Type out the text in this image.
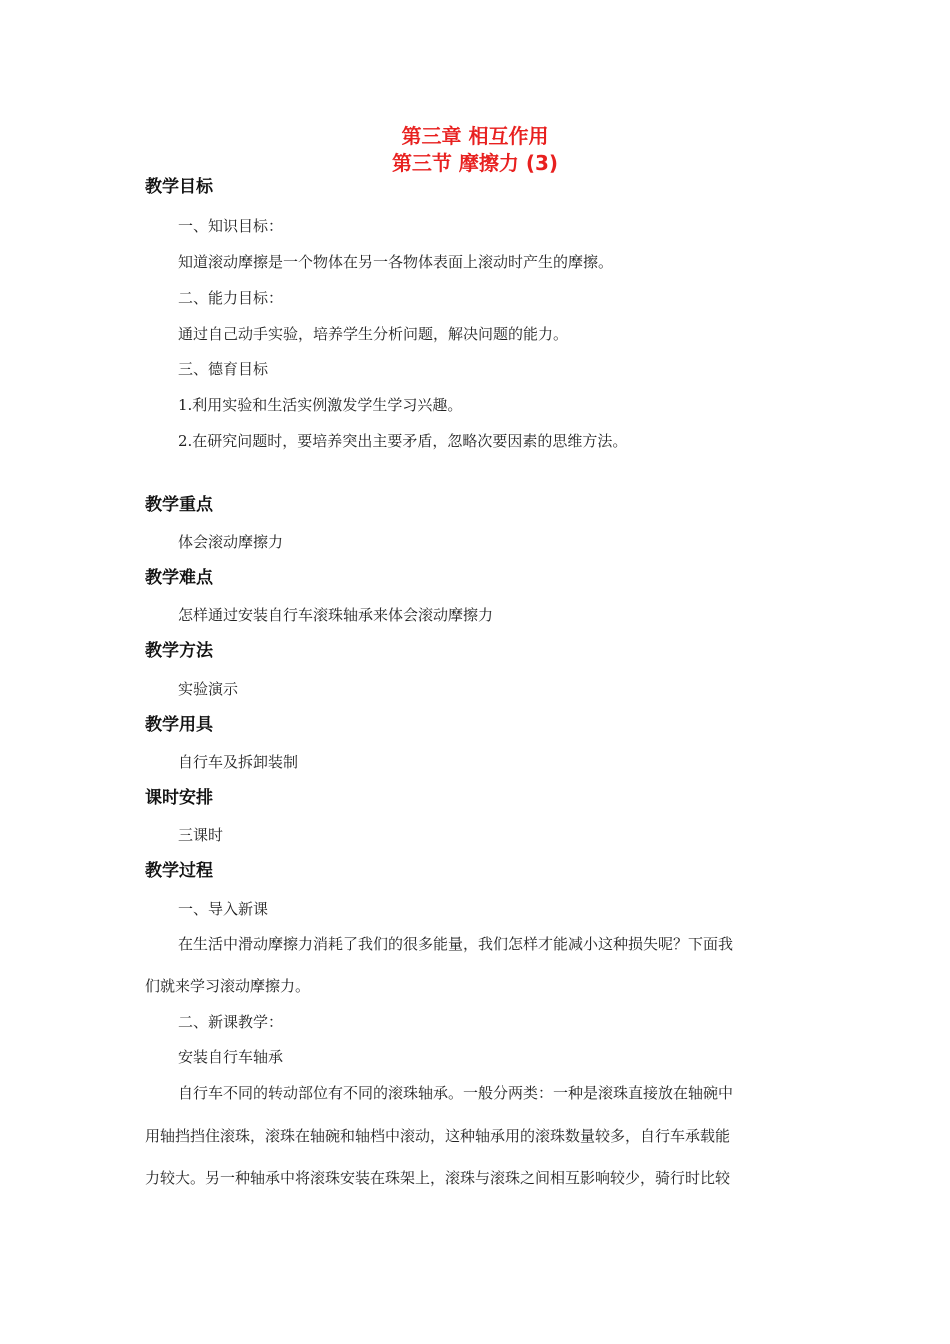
第三章 相互作用
第三节 摩擦力 (3)
教学目标
一、知识目标：
知道滚动摩擦是一个物体在另一各物体表面上滚动时产生的摩擦。
二、能力目标：
通过自己动手实验，培养学生分析问题，解决问题的能力。
三、德育目标
1.利用实验和生活实例激发学生学习兴趣。
2.在研究问题时，要培养突出主要矛盾，忽略次要因素的思维方法。
教学重点
体会滚动摩擦力
教学难点
怎样通过安装自行车滚珠轴承来体会滚动摩擦力
教学方法
实验演示
教学用具
自行车及拆卸装制
课时安排
三课时
教学过程
一、导入新课
在生活中滑动摩擦力消耗了我们的很多能量，我们怎样才能减小这种损失呢？下面我
们就来学习滚动摩擦力。
二、新课教学：
安装自行车轴承
自行车不同的转动部位有不同的滚珠轴承。一般分两类：一种是滚珠直接放在轴碗中
用轴挡挡住滚珠，滚珠在轴碗和轴档中滚动，这种轴承用的滚珠数量较多，自行车承载能
力较大。另一种轴承中将滚珠安装在珠架上，滚珠与滚珠之间相互影响较少，骑行时比较
